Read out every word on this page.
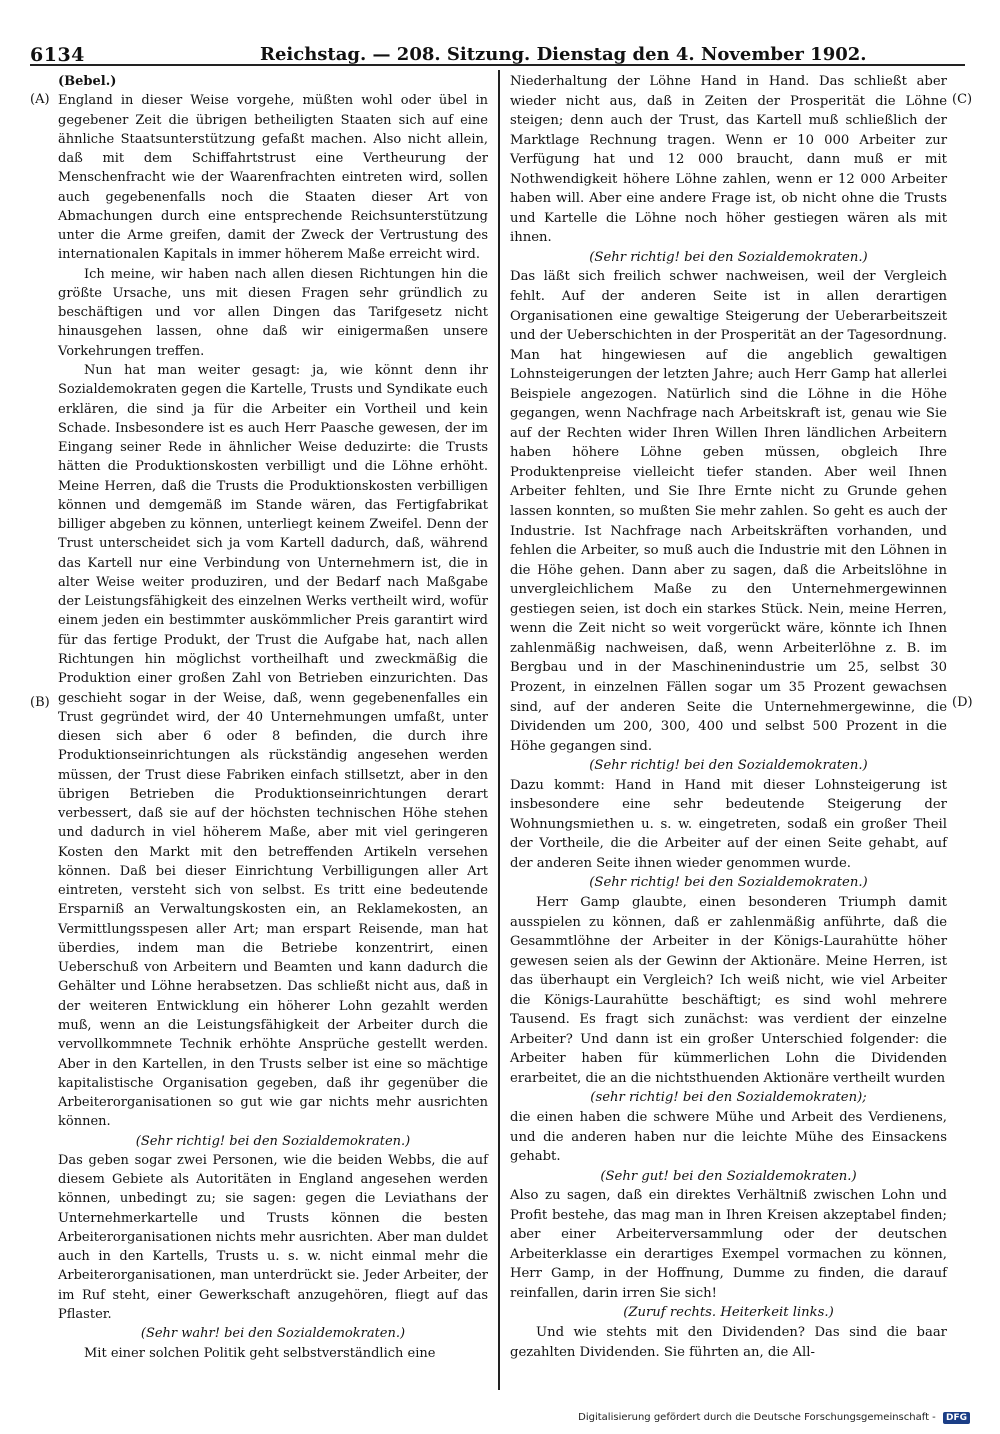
6134	Reichstag. — 208. Sitzung. Dienstag den 4. November 1902.
(A)
(B)
(C)
(D)

(Bebel.)

England in dieser Weise vorgehe, müßten wohl oder übel in gegebener Zeit die übrigen betheiligten Staaten sich auf eine ähnliche Staatsunterstützung gefaßt machen. Also nicht allein, daß mit dem Schiffahrtstrust eine Vertheurung der Menschenfracht wie der Waarenfrachten eintreten wird, sollen auch gegebenenfalls noch die Staaten dieser Art von Abmachungen durch eine entsprechende Reichsunterstützung unter die Arme greifen, damit der Zweck der Vertrustung des internationalen Kapitals in immer höherem Maße erreicht wird.

Ich meine, wir haben nach allen diesen Richtungen hin die größte Ursache, uns mit diesen Fragen sehr gründlich zu beschäftigen und vor allen Dingen das Tarifgesetz nicht hinausgehen lassen, ohne daß wir einigermaßen unsere Vorkehrungen treffen.

Nun hat man weiter gesagt: ja, wie könnt denn ihr Sozialdemokraten gegen die Kartelle, Trusts und Syndikate euch erklären, die sind ja für die Arbeiter ein Vortheil und kein Schade. Insbesondere ist es auch Herr Paasche gewesen, der im Eingang seiner Rede in ähnlicher Weise deduzirte: die Trusts hätten die Produktionskosten verbilligt und die Löhne erhöht. Meine Herren, daß die Trusts die Produktionskosten verbilligen können und demgemäß im Stande wären, das Fertigfabrikat billiger abgeben zu können, unterliegt keinem Zweifel. Denn der Trust unterscheidet sich ja vom Kartell dadurch, daß, während das Kartell nur eine Verbindung von Unternehmern ist, die in alter Weise weiter produziren, und der Bedarf nach Maßgabe der Leistungsfähigkeit des einzelnen Werks vertheilt wird, wofür einem jeden ein bestimmter auskömmlicher Preis garantirt wird für das fertige Produkt, der Trust die Aufgabe hat, nach allen Richtungen hin möglichst vortheilhaft und zweckmäßig die Produktion einer großen Zahl von Betrieben einzurichten. Das geschieht sogar in der Weise, daß, wenn gegebenenfalles ein Trust gegründet wird, der 40 Unternehmungen umfaßt, unter diesen sich aber 6 oder 8 befinden, die durch ihre Produktionseinrichtungen als rückständig angesehen werden müssen, der Trust diese Fabriken einfach stillsetzt, aber in den übrigen Betrieben die Produktionseinrichtungen derart verbessert, daß sie auf der höchsten technischen Höhe stehen und dadurch in viel höherem Maße, aber mit viel geringeren Kosten den Markt mit den betreffenden Artikeln versehen können. Daß bei dieser Einrichtung Verbilligungen aller Art eintreten, versteht sich von selbst. Es tritt eine bedeutende Ersparniß an Verwaltungskosten ein, an Reklamekosten, an Vermittlungsspesen aller Art; man erspart Reisende, man hat überdies, indem man die Betriebe konzentrirt, einen Ueberschuß von Arbeitern und Beamten und kann dadurch die Gehälter und Löhne herabsetzen. Das schließt nicht aus, daß in der weiteren Entwicklung ein höherer Lohn gezahlt werden muß, wenn an die Leistungsfähigkeit der Arbeiter durch die vervollkommnete Technik erhöhte Ansprüche gestellt werden. Aber in den Kartellen, in den Trusts selber ist eine so mächtige kapitalistische Organisation gegeben, daß ihr gegenüber die Arbeiterorganisationen so gut wie gar nichts mehr ausrichten können.

(Sehr richtig! bei den Sozialdemokraten.)

Das geben sogar zwei Personen, wie die beiden Webbs, die auf diesem Gebiete als Autoritäten in England angesehen werden können, unbedingt zu; sie sagen: gegen die Leviathans der Unternehmerkartelle und Trusts können die besten Arbeiterorganisationen nichts mehr ausrichten. Aber man duldet auch in den Kartells, Trusts u. s. w. nicht einmal mehr die Arbeiterorganisationen, man unterdrückt sie. Jeder Arbeiter, der im Ruf steht, einer Gewerkschaft anzugehören, fliegt auf das Pflaster.

(Sehr wahr! bei den Sozialdemokraten.)

Mit einer solchen Politik geht selbstverständlich eine

Niederhaltung der Löhne Hand in Hand. Das schließt aber wieder nicht aus, daß in Zeiten der Prosperität die Löhne steigen; denn auch der Trust, das Kartell muß schließlich der Marktlage Rechnung tragen. Wenn er 10 000 Arbeiter zur Verfügung hat und 12 000 braucht, dann muß er mit Nothwendigkeit höhere Löhne zahlen, wenn er 12 000 Arbeiter haben will. Aber eine andere Frage ist, ob nicht ohne die Trusts und Kartelle die Löhne noch höher gestiegen wären als mit ihnen.

(Sehr richtig! bei den Sozialdemokraten.)

Das läßt sich freilich schwer nachweisen, weil der Vergleich fehlt. Auf der anderen Seite ist in allen derartigen Organisationen eine gewaltige Steigerung der Ueberarbeitszeit und der Ueberschichten in der Prosperität an der Tagesordnung. Man hat hingewiesen auf die angeblich gewaltigen Lohnsteigerungen der letzten Jahre; auch Herr Gamp hat allerlei Beispiele angezogen. Natürlich sind die Löhne in die Höhe gegangen, wenn Nachfrage nach Arbeitskraft ist, genau wie Sie auf der Rechten wider Ihren Willen Ihren ländlichen Arbeitern haben höhere Löhne geben müssen, obgleich Ihre Produktenpreise vielleicht tiefer standen. Aber weil Ihnen Arbeiter fehlten, und Sie Ihre Ernte nicht zu Grunde gehen lassen konnten, so mußten Sie mehr zahlen. So geht es auch der Industrie. Ist Nachfrage nach Arbeitskräften vorhanden, und fehlen die Arbeiter, so muß auch die Industrie mit den Löhnen in die Höhe gehen. Dann aber zu sagen, daß die Arbeitslöhne in unvergleichlichem Maße zu den Unternehmergewinnen gestiegen seien, ist doch ein starkes Stück. Nein, meine Herren, wenn die Zeit nicht so weit vorgerückt wäre, könnte ich Ihnen zahlenmäßig nachweisen, daß, wenn Arbeiterlöhne z. B. im Bergbau und in der Maschinenindustrie um 25, selbst 30 Prozent, in einzelnen Fällen sogar um 35 Prozent gewachsen sind, auf der anderen Seite die Unternehmergewinne, die Dividenden um 200, 300, 400 und selbst 500 Prozent in die Höhe gegangen sind.

(Sehr richtig! bei den Sozialdemokraten.)

Dazu kommt: Hand in Hand mit dieser Lohnsteigerung ist insbesondere eine sehr bedeutende Steigerung der Wohnungsmiethen u. s. w. eingetreten, sodaß ein großer Theil der Vortheile, die die Arbeiter auf der einen Seite gehabt, auf der anderen Seite ihnen wieder genommen wurde.

(Sehr richtig! bei den Sozialdemokraten.)

Herr Gamp glaubte, einen besonderen Triumph damit ausspielen zu können, daß er zahlenmäßig anführte, daß die Gesammtlöhne der Arbeiter in der Königs-Laurahütte höher gewesen seien als der Gewinn der Aktionäre. Meine Herren, ist das überhaupt ein Vergleich? Ich weiß nicht, wie viel Arbeiter die Königs-Laurahütte beschäftigt; es sind wohl mehrere Tausend. Es fragt sich zunächst: was verdient der einzelne Arbeiter? Und dann ist ein großer Unterschied folgender: die Arbeiter haben für kümmerlichen Lohn die Dividenden erarbeitet, die an die nichtsthuenden Aktionäre vertheilt wurden

(sehr richtig! bei den Sozialdemokraten);

die einen haben die schwere Mühe und Arbeit des Verdienens, und die anderen haben nur die leichte Mühe des Einsackens gehabt.

(Sehr gut! bei den Sozialdemokraten.)

Also zu sagen, daß ein direktes Verhältniß zwischen Lohn und Profit bestehe, das mag man in Ihren Kreisen akzeptabel finden; aber einer Arbeiterversammlung oder der deutschen Arbeiterklasse ein derartiges Exempel vormachen zu können, Herr Gamp, in der Hoffnung, Dumme zu finden, die darauf reinfallen, darin irren Sie sich!

(Zuruf rechts. Heiterkeit links.)

Und wie stehts mit den Dividenden? Das sind die baar gezahlten Dividenden. Sie führten an, die All-

Digitalisierung gefördert durch die Deutsche Forschungsgemeinschaft - DFG
